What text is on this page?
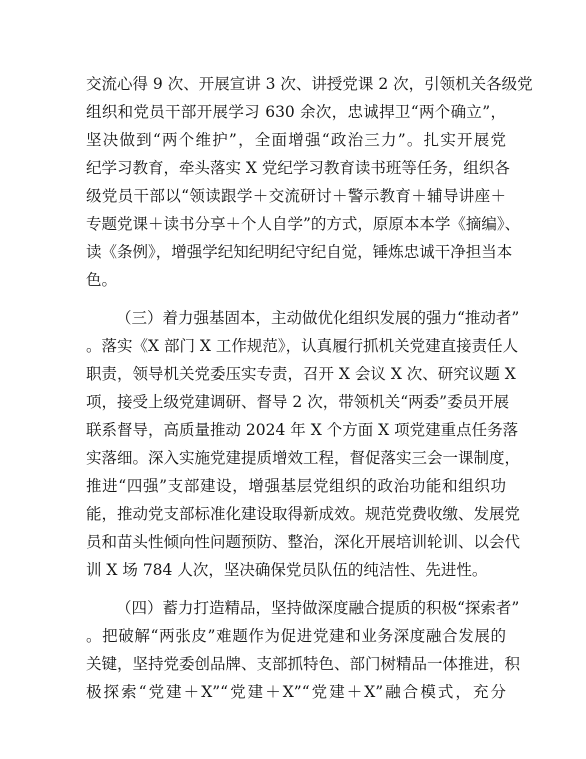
交流心得 9 次、开展宣讲 3 次、讲授党课 2 次，引领机关各级党
组织和党员干部开展学习 630 余次，忠诚捍卫“两个确立”，
坚决做到“两个维护”，全面增强“政治三力”。扎实开展党
纪学习教育，牵头落实 X 党纪学习教育读书班等任务，组织各
级党员干部以“领读跟学＋交流研讨＋警示教育＋辅导讲座＋
专题党课＋读书分享＋个人自学”的方式，原原本本学《摘编》、
读《条例》，增强学纪知纪明纪守纪自觉，锤炼忠诚干净担当本
色。
（三）着力强基固本，主动做优化组织发展的强力“推动者”
。落实《X 部门 X 工作规范》，认真履行抓机关党建直接责任人
职责，领导机关党委压实专责，召开 X 会议 X 次、研究议题 X
项，接受上级党建调研、督导 2 次，带领机关“两委”委员开展
联系督导，高质量推动 2024 年 X 个方面 X 项党建重点任务落
实落细。深入实施党建提质增效工程，督促落实三会一课制度，
推进“四强”支部建设，增强基层党组织的政治功能和组织功
能，推动党支部标准化建设取得新成效。规范党费收缴、发展党
员和苗头性倾向性问题预防、整治，深化开展培训轮训、以会代
训 X 场 784 人次，坚决确保党员队伍的纯洁性、先进性。
（四）蓄力打造精品，坚持做深度融合提质的积极“探索者”
。把破解“两张皮”难题作为促进党建和业务深度融合发展的
关键，坚持党委创品牌、支部抓特色、部门树精品一体推进，积
极探索“党建＋X”“党建＋X”“党建＋X”融合模式，充分
